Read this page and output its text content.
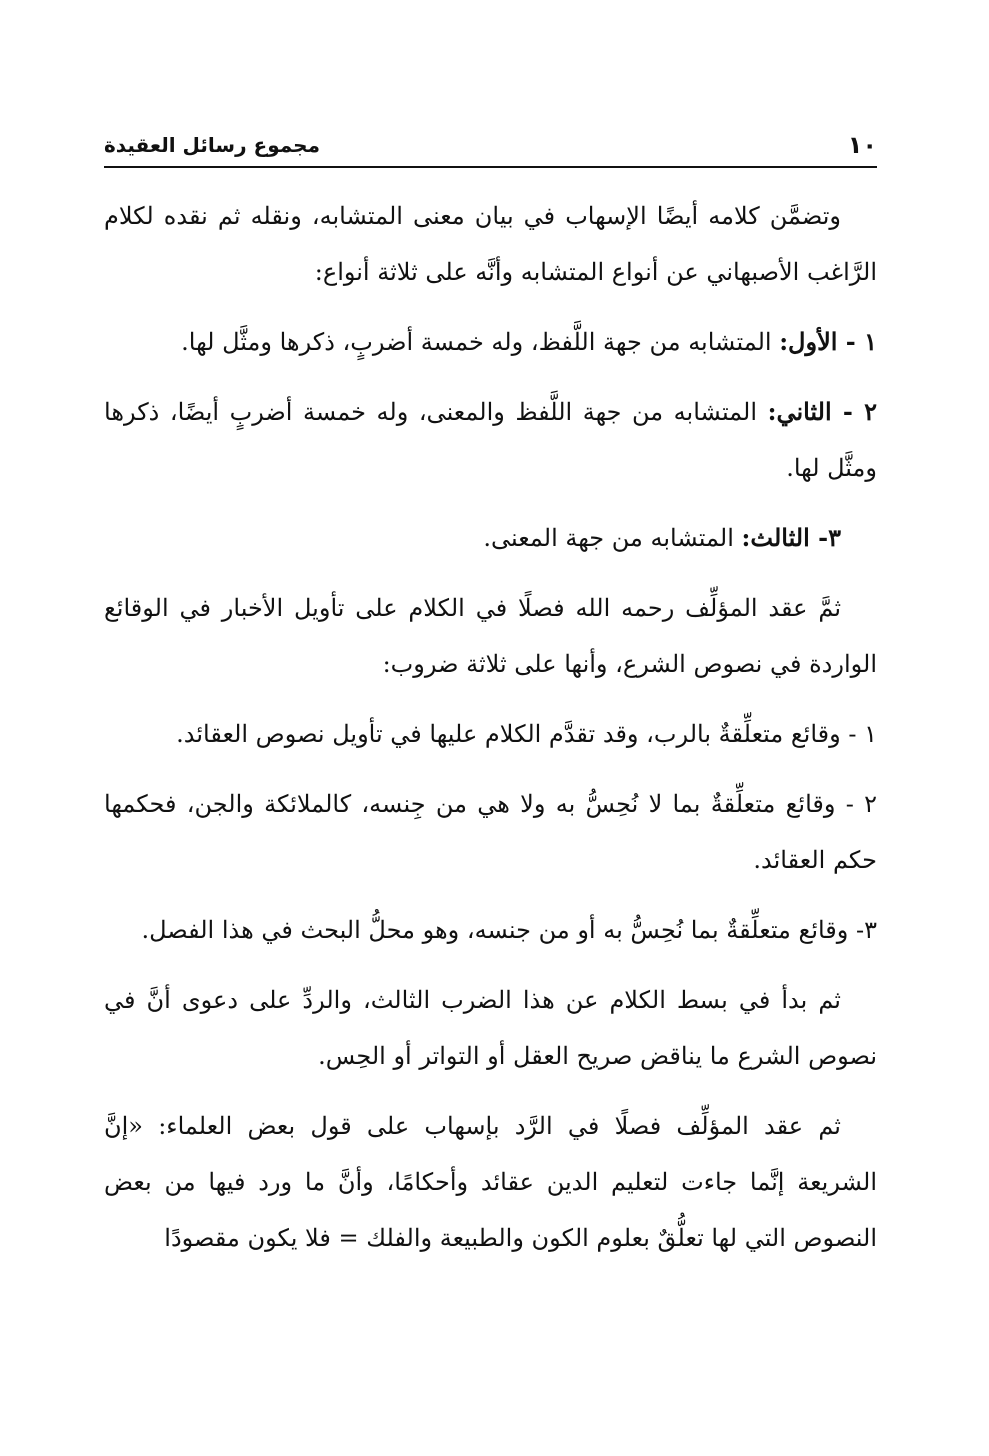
١٠
مجموع رسائل العقيدة

وتضمَّن كلامه أيضًا الإسهاب في بيان معنى المتشابه، ونقله ثم نقده لكلام الرَّاغب الأصبهاني عن أنواع المتشابه وأنَّه على ثلاثة أنواع:

١ - الأول: المتشابه من جهة اللَّفظ، وله خمسة أضربٍ، ذكرها ومثَّل لها.

٢ - الثاني: المتشابه من جهة اللَّفظ والمعنى، وله خمسة أضربٍ أيضًا، ذكرها ومثَّل لها.

٣- الثالث: المتشابه من جهة المعنى.

ثمَّ عقد المؤلِّف رحمه الله فصلًا في الكلام على تأويل الأخبار في الوقائع الواردة في نصوص الشرع، وأنها على ثلاثة ضروب:

١ - وقائع متعلِّقةٌ بالرب، وقد تقدَّم الكلام عليها في تأويل نصوص العقائد.

٢ - وقائع متعلِّقةٌ بما لا نُحِسُّ به ولا هي من جِنسه، كالملائكة والجن، فحكمها حكم العقائد.

٣- وقائع متعلِّقةٌ بما نُحِسُّ به أو من جنسه، وهو محلُّ البحث في هذا الفصل.

ثم بدأ في بسط الكلام عن هذا الضرب الثالث، والردِّ على دعوى أنَّ في نصوص الشرع ما يناقض صريح العقل أو التواتر أو الحِس.

ثم عقد المؤلِّف فصلًا في الرَّد بإسهاب على قول بعض العلماء: «إنَّ الشريعة إنَّما جاءت لتعليم الدين عقائد وأحكامًا، وأنَّ ما ورد فيها من بعض النصوص التي لها تعلُّقٌ بعلوم الكون والطبيعة والفلك = فلا يكون مقصودًا
